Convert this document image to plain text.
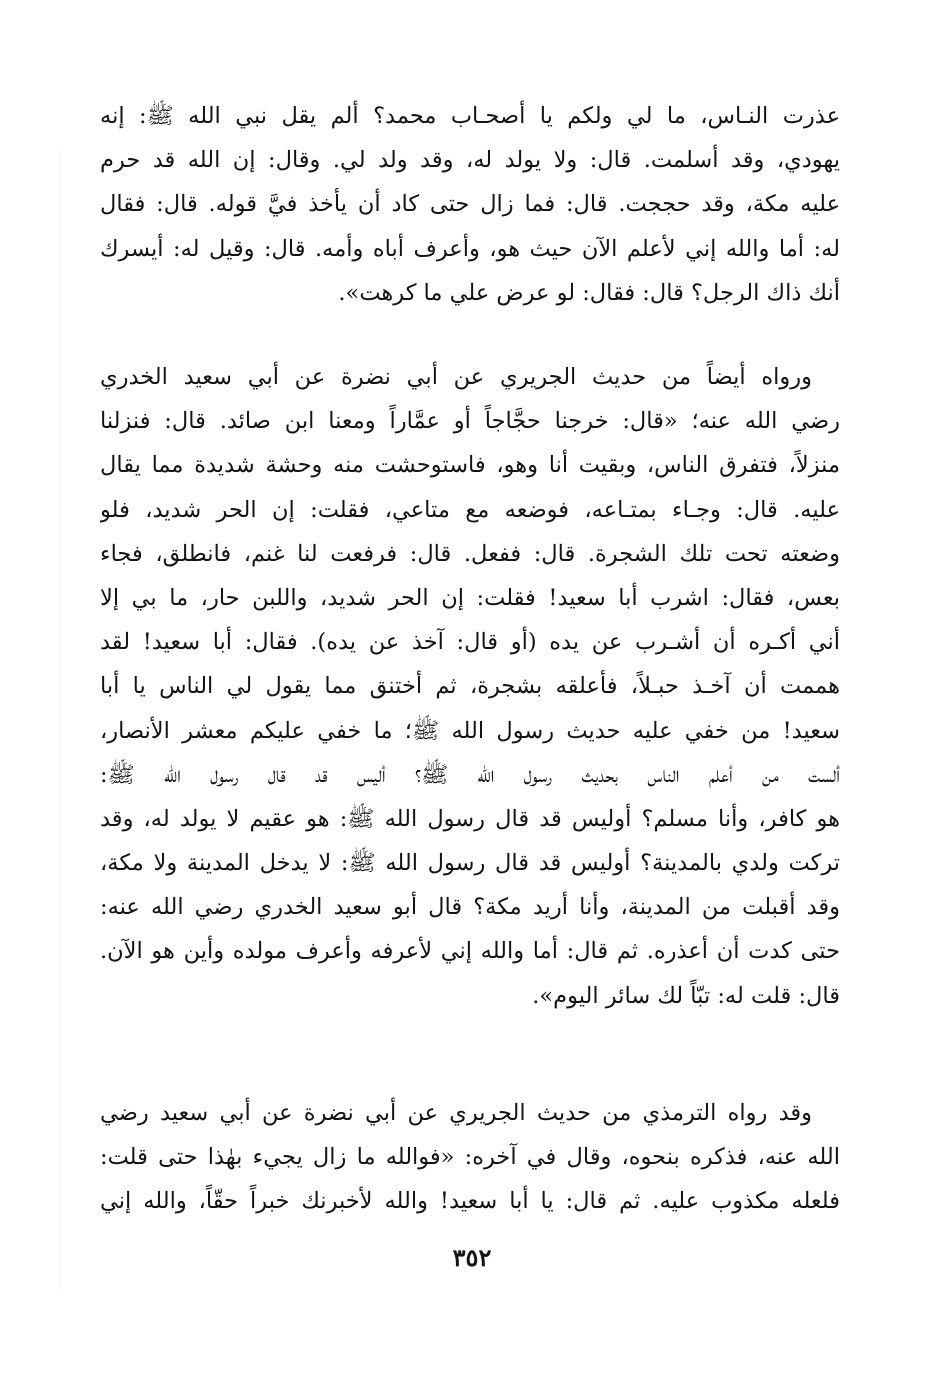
عذرت النـاس، ما لي ولكم يا أصحـاب محمد؟ ألم يقل نبي الله ﷺ: إنه
يهودي، وقد أسلمت. قال: ولا يولد له، وقد ولد لي. وقال: إن الله قد حرم
عليه مكة، وقد حججت. قال: فما زال حتى كاد أن يأخذ فيَّ قوله. قال: فقال
له: أما والله إني لأعلم الآن حيث هو، وأعرف أباه وأمه. قال: وقيل له: أيسرك
أنك ذاك الرجل؟ قال: فقال: لو عرض علي ما كرهت».
ورواه أيضاً من حديث الجريري عن أبي نضرة عن أبي سعيد الخدري
رضي الله عنه؛ «قال: خرجنا حجَّاجاً أو عمَّاراً ومعنا ابن صائد. قال: فنزلنا
منزلاً، فتفرق الناس، وبقيت أنا وهو، فاستوحشت منه وحشة شديدة مما يقال
عليه. قال: وجـاء بمتـاعه، فوضعه مع متاعي، فقلت: إن الحر شديد، فلو
وضعته تحت تلك الشجرة. قال: ففعل. قال: فرفعت لنا غنم، فانطلق، فجاء
بعس، فقال: اشرب أبا سعيد! فقلت: إن الحر شديد، واللبن حار، ما بي إلا
أني أكـره أن أشـرب عن يده (أو قال: آخذ عن يده). فقال: أبا سعيد! لقد
هممت أن آخـذ حبـلاً، فأعلقه بشجرة، ثم أختنق مما يقول لي الناس يا أبا
سعيد! من خفي عليه حديث رسول الله ﷺ؛ ما خفي عليكم معشر الأنصار،
ألست من أعلم الناس بحديث رسول الله ﷺ؟ أليس قد قال رسول الله ﷺ:
هو كافر، وأنا مسلم؟ أوليس قد قال رسول الله ﷺ: هو عقيم لا يولد له، وقد
تركت ولدي بالمدينة؟ أوليس قد قال رسول الله ﷺ: لا يدخل المدينة ولا مكة،
وقد أقبلت من المدينة، وأنا أريد مكة؟ قال أبو سعيد الخدري رضي الله عنه:
حتى كدت أن أعذره. ثم قال: أما والله إني لأعرفه وأعرف مولده وأين هو الآن.
قال: قلت له: تبّاً لك سائر اليوم».
وقد رواه الترمذي من حديث الجريري عن أبي نضرة عن أبي سعيد رضي
الله عنه، فذكره بنحوه، وقال في آخره: «فوالله ما زال يجيء بهٰذا حتى قلت:
فلعله مكذوب عليه. ثم قال: يا أبا سعيد! والله لأخبرنك خبراً حقّاً، والله إني
٣٥٢
